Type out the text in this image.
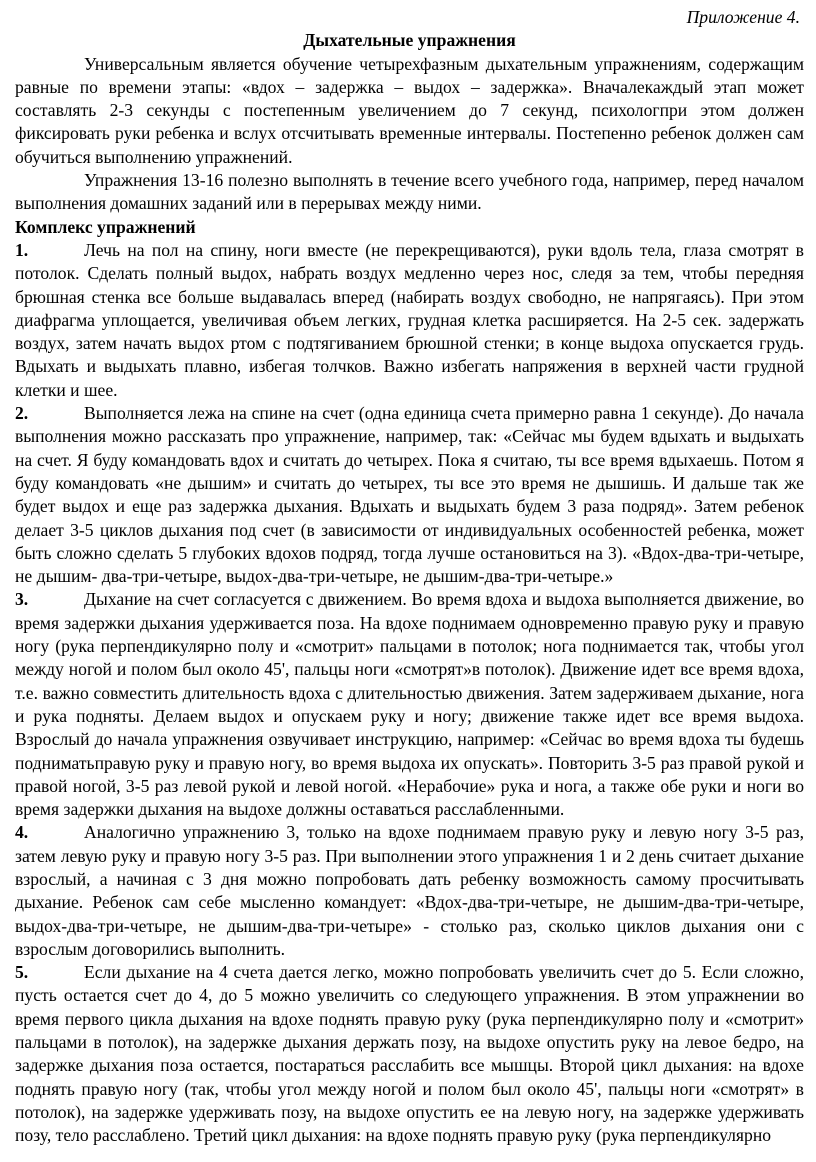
Приложение 4.

Дыхательные упражнения

Универсальным является обучение четырехфазным дыхательным упражнениям, содержащим равные по времени этапы: «вдох – задержка – выдох – задержка». Вначалекаждый этап может составлять 2-3 секунды с постепенным увеличением до 7 секунд, психологпри этом должен фиксировать руки ребенка и вслух отсчитывать временные интервалы. Постепенно ребенок должен сам обучиться выполнению упражнений.

Упражнения 13-16 полезно выполнять в течение всего учебного года, например, перед началом выполнения домашних заданий или в перерывах между ними.

Комплекс упражнений

1.	Лечь на пол на спину, ноги вместе (не перекрещиваются), руки вдоль тела, глаза смотрят в потолок. Сделать полный выдох, набрать воздух медленно через нос, следя за тем, чтобы передняя брюшная стенка все больше выдавалась вперед (набирать воздух свободно, не напрягаясь). При этом диафрагма уплощается, увеличивая объем легких, грудная клетка расширяется. На 2-5 сек. задержать воздух, затем начать выдох ртом с подтягиванием брюшной стенки; в конце выдоха опускается грудь. Вдыхать и выдыхать плавно, избегая толчков. Важно избегать напряжения в верхней части грудной клетки и шее.

2.	Выполняется лежа на спине на счет (одна единица счета примерно равна 1 секунде). До начала выполнения можно рассказать про упражнение, например, так: «Сейчас мы будем вдыхать и выдыхать на счет. Я буду командовать вдох и считать до четырех. Пока я считаю, ты все время вдыхаешь. Потом я буду командовать «не дышим» и считать до четырех, ты все это время не дышишь. И дальше так же будет выдох и еще раз задержка дыхания. Вдыхать и выдыхать будем 3 раза подряд». Затем ребенок делает 3-5 циклов дыхания под счет (в зависимости от индивидуальных особенностей ребенка, может быть сложно сделать 5 глубоких вдохов подряд, тогда лучше остановиться на 3). «Вдох-два-три-четыре, не дышим- два-три-четыре, выдох-два-три-четыре, не дышим-два-три-четыре.»

3.	Дыхание на счет согласуется с движением. Во время вдоха и выдоха выполняется движение, во время задержки дыхания удерживается поза. На вдохе поднимаем одновременно правую руку и правую ногу (рука перпендикулярно полу и «смотрит» пальцами в потолок; нога поднимается так, чтобы угол между ногой и полом был около 45', пальцы ноги «смотрят»в потолок). Движение идет все время вдоха, т.е. важно совместить длительность вдоха с длительностью движения. Затем задерживаем дыхание, нога и рука подняты. Делаем выдох и опускаем руку и ногу; движение также идет все время выдоха. Взрослый до начала упражнения озвучивает инструкцию, например: «Сейчас во время вдоха ты будешь подниматьправую руку и правую ногу, во время выдоха их опускать». Повторить 3-5 раз правой рукой и правой ногой, 3-5 раз левой рукой и левой ногой. «Нерабочие» рука и нога, а также обе руки и ноги во время задержки дыхания на выдохе должны оставаться расслабленными.

4.	Аналогично упражнению 3, только на вдохе поднимаем правую руку и левую ногу 3-5 раз, затем левую руку и правую ногу 3-5 раз. При выполнении этого упражнения 1 и 2 день считает дыхание взрослый, а начиная с 3 дня можно попробовать дать ребенку возможность самому просчитывать дыхание. Ребенок сам себе мысленно командует: «Вдох-два-три-четыре, не дышим-два-три-четыре, выдох-два-три-четыре, не дышим-два-три-четыре» - столько раз, сколько циклов дыхания они с взрослым договорились выполнить.

5.	Если дыхание на 4 счета дается легко, можно попробовать увеличить счет до 5. Если сложно, пусть остается счет до 4, до 5 можно увеличить со следующего упражнения. В этом упражнении во время первого цикла дыхания на вдохе поднять правую руку (рука перпендикулярно полу и «смотрит» пальцами в потолок), на задержке дыхания держать позу, на выдохе опустить руку на левое бедро, на задержке дыхания поза остается, постараться расслабить все мышцы. Второй цикл дыхания: на вдохе поднять правую ногу (так, чтобы угол между ногой и полом был около 45', пальцы ноги «смотрят» в потолок), на задержке удерживать позу, на выдохе опустить ее на левую ногу, на задержке удерживать позу, тело расслаблено. Третий цикл дыхания: на вдохе поднять правую руку (рука перпендикулярно
